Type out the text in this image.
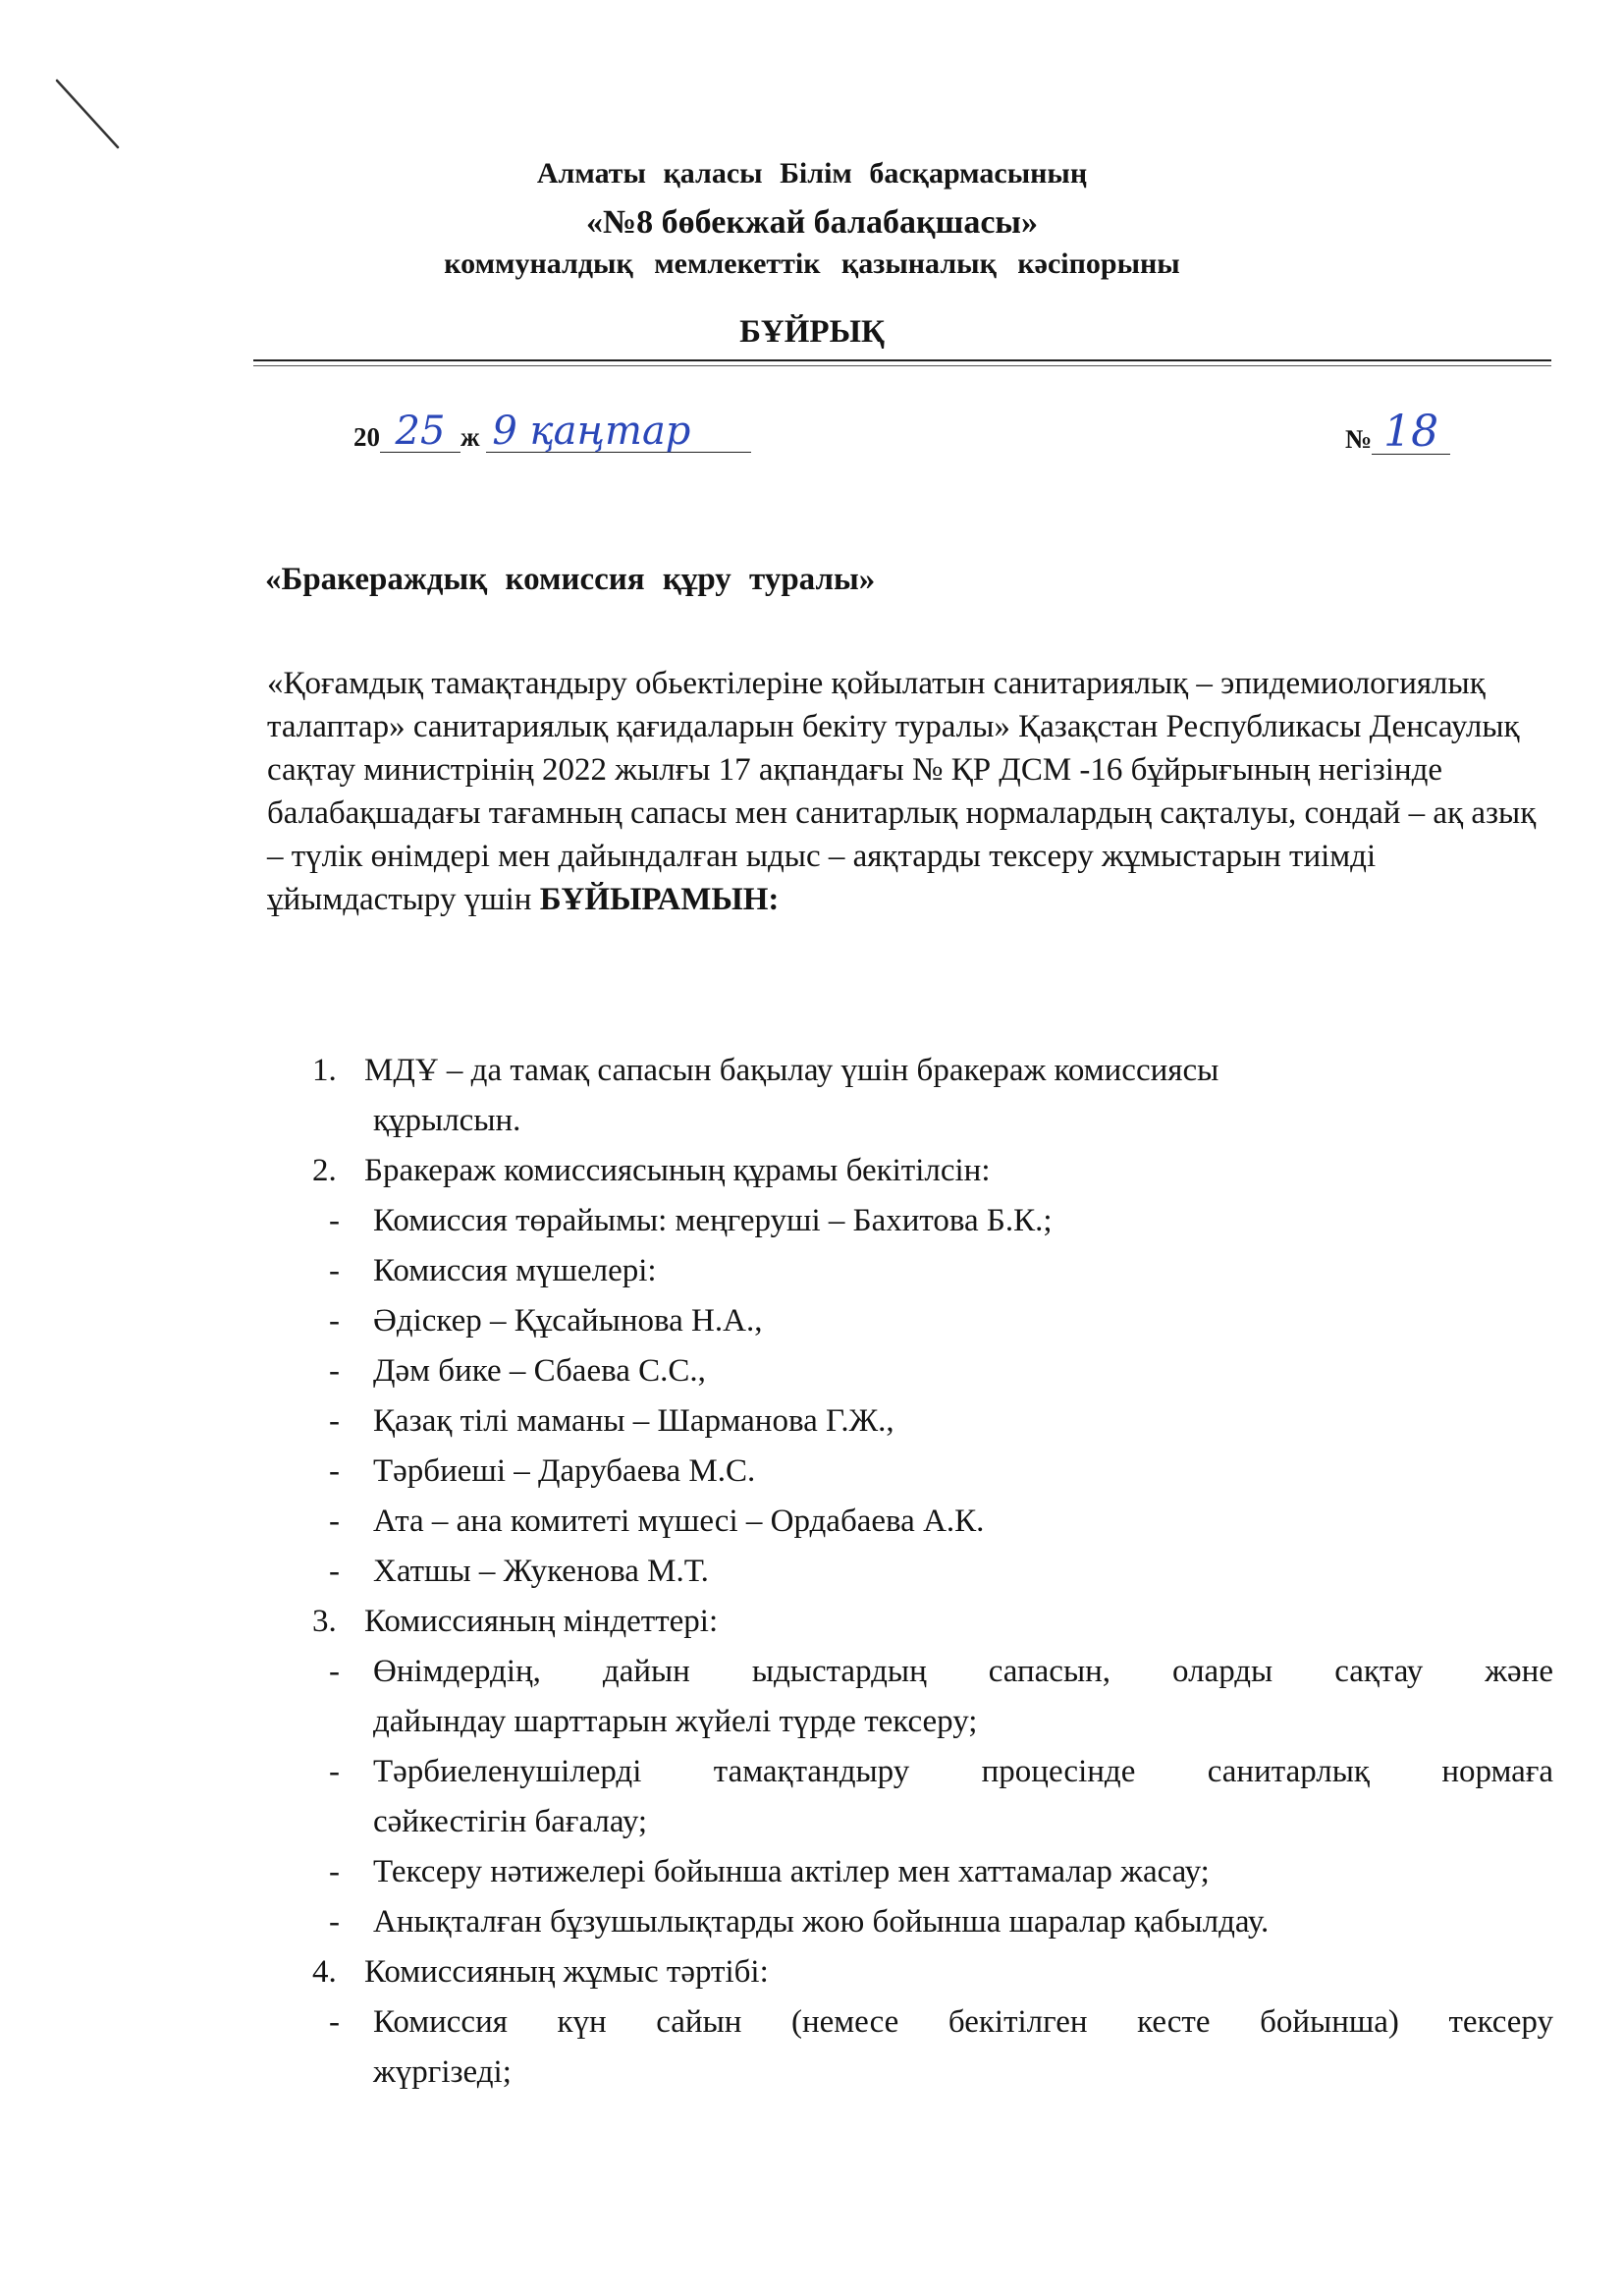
Алматы қаласы Білім басқармасының
«№8 бөбекжай балабақшасы»
коммуналдық мемлекеттік қазыналық кәсіпорыны
БҰЙРЫҚ
20 25 ж 9 қаңтар	№ 18
«Бракераждық комиссия құру туралы»
«Қоғамдық тамақтандыру обьектілеріне қойылатын санитариялық – эпидемиологиялық талаптар» санитариялық қағидаларын бекіту туралы» Қазақстан Республикасы Денсаулық сақтау министрінің 2022 жылғы 17 ақпандағы № ҚР ДСМ -16 бұйрығының негізінде балабақшадағы тағамның сапасы мен санитарлық нормалардың сақталуы, сондай – ақ азық – түлік өнімдері мен дайындалған ыдыс – аяқтарды тексеру жұмыстарын тиімді ұйымдастыру үшін БҰЙЫРАМЫН:
1. МДҰ – да тамақ сапасын бақылау үшін бракераж комиссиясы
құрылсын.
2. Бракераж комиссиясының құрамы бекітілсін:
-	Комиссия төрайымы: меңгеруші – Бахитова Б.К.;
-	Комиссия мүшелері:
-	Әдіскер – Құсайынова Н.А.,
-	Дәм бике – Сбаева С.С.,
-	Қазақ тілі маманы – Шарманова Г.Ж.,
-	Тәрбиеші – Дарубаева М.С.
-	Ата – ана комитеті мүшесі – Ордабаева А.К.
-	Хатшы – Жукенова М.Т.
3. Комиссияның міндеттері:
-	Өнімдердің, дайын ыдыстардың сапасын, оларды сақтау және
дайындау шарттарын жүйелі түрде тексеру;
-	Тәрбиеленушілерді тамақтандыру процесінде санитарлық нормаға
сәйкестігін бағалау;
-	Тексеру нәтижелері бойынша актілер мен хаттамалар жасау;
-	Анықталған бұзушылықтарды жою бойынша шаралар қабылдау.
4. Комиссияның жұмыс тәртібі:
-	Комиссия күн сайын (немесе бекітілген кесте бойынша) тексеру
жүргізеді;
